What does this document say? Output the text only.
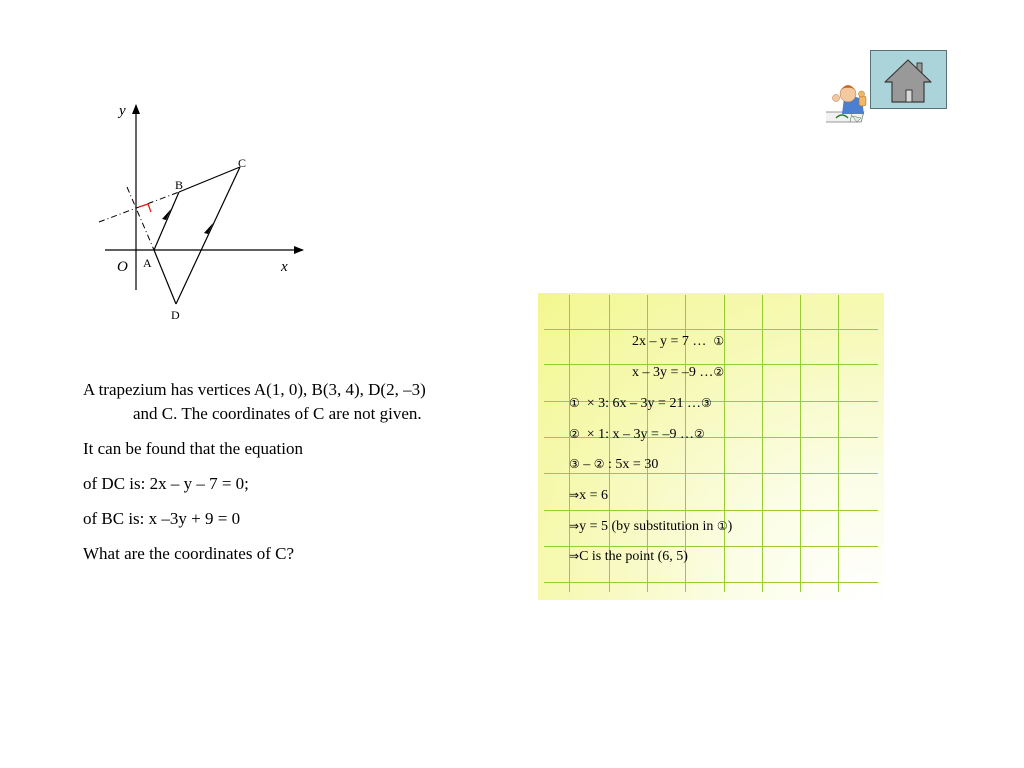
y
x
O A
B
C
D

A trapezium has vertices A(1, 0), B(3, 4), D(2, –3) and C. The coordinates of C are not given.

It can be found that the equation

of DC is: 2x – y – 7 = 0;

of BC is: x –3y + 9 = 0

What are the coordinates of C?

2x – y = 7 … ①
x – 3y = –9 …②
① × 3: 6x – 3y = 21 …③
② × 1: x – 3y = –9 …②
③ – ② : 5x = 30
⇒x = 6
⇒y = 5 (by substitution in ①)
⇒C is the point (6, 5)
